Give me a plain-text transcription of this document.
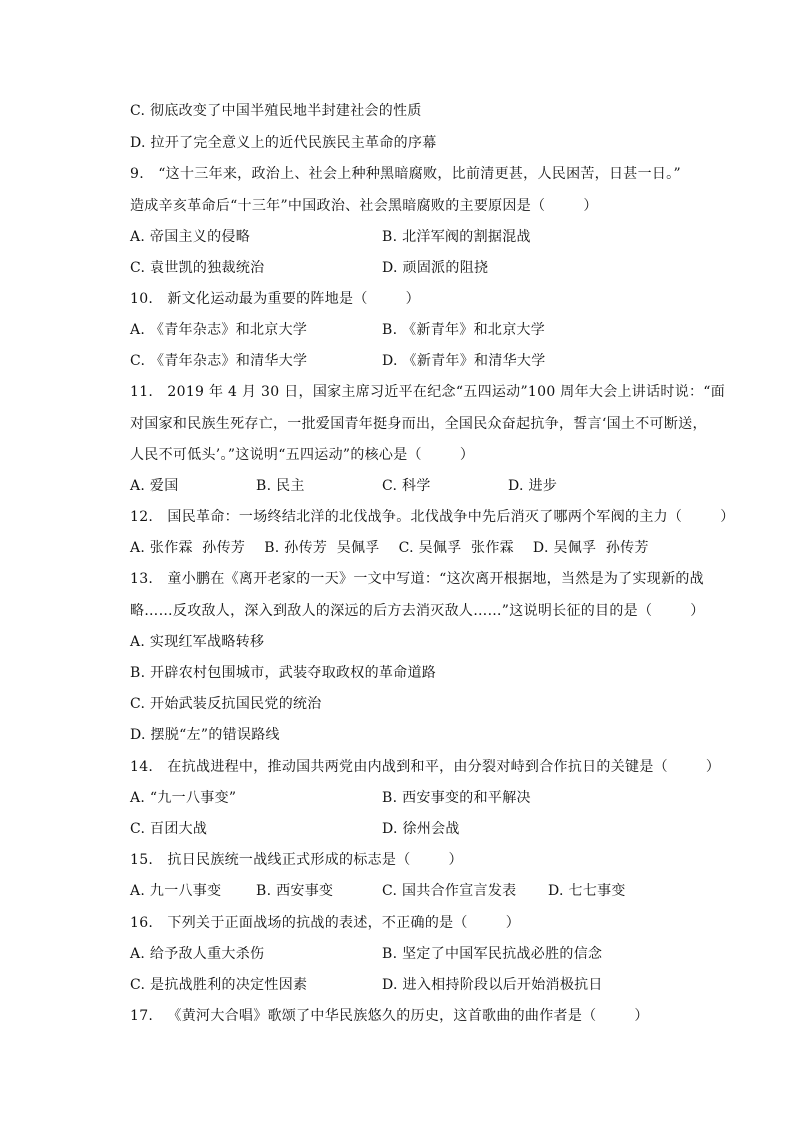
C. 彻底改变了中国半殖民地半封建社会的性质
D. 拉开了完全意义上的近代民族民主革命的序幕
9.   “这十三年来，政治上、社会上种种黑暗腐败，比前清更甚，人民困苦，日甚一日。”
造成辛亥革命后“十三年”中国政治、社会黑暗腐败的主要原因是（        ）
A. 帝国主义的侵略	B. 北洋军阀的割据混战
C. 袁世凯的独裁统治	D. 顽固派的阻挠
10.   新文化运动最为重要的阵地是（        ）
A. 《青年杂志》和北京大学	B. 《新青年》和北京大学
C. 《青年杂志》和清华大学	D. 《新青年》和清华大学
11.   2019 年 4 月 30 日，国家主席习近平在纪念“五四运动”100 周年大会上讲话时说：“面
对国家和民族生死存亡，一批爱国青年挺身而出，全国民众奋起抗争，誓言‘国土不可断送，
人民不可低头’。”这说明“五四运动”的核心是（        ）
A. 爱国	B. 民主	C. 科学	D. 进步
12.   国民革命：一场终结北洋的北伐战争。北伐战争中先后消灭了哪两个军阀的主力（        ）
A. 张作霖  孙传芳    B. 孙传芳  吴佩孚    C. 吴佩孚  张作霖    D. 吴佩孚  孙传芳
13.   童小鹏在《离开老家的一天》一文中写道：“这次离开根据地，当然是为了实现新的战
略……反攻敌人，深入到敌人的深远的后方去消灭敌人……”这说明长征的目的是（        ）
A. 实现红军战略转移
B. 开辟农村包围城市，武装夺取政权的革命道路
C. 开始武装反抗国民党的统治
D. 摆脱“左”的错误路线
14.   在抗战进程中，推动国共两党由内战到和平，由分裂对峙到合作抗日的关键是（        ）
A. “九一八事变”	B. 西安事变的和平解决
C. 百团大战	D. 徐州会战
15.   抗日民族统一战线正式形成的标志是（        ）
A. 九一八事变 B. 西安事变	C. 国共合作宣言发表 D. 七七事变
16.   下列关于正面战场的抗战的表述，不正确的是（        ）
A. 给予敌人重大杀伤	B. 坚定了中国军民抗战必胜的信念
C. 是抗战胜利的决定性因素	D. 进入相持阶段以后开始消极抗日
17.   《黄河大合唱》歌颂了中华民族悠久的历史，这首歌曲的曲作者是（        ）
